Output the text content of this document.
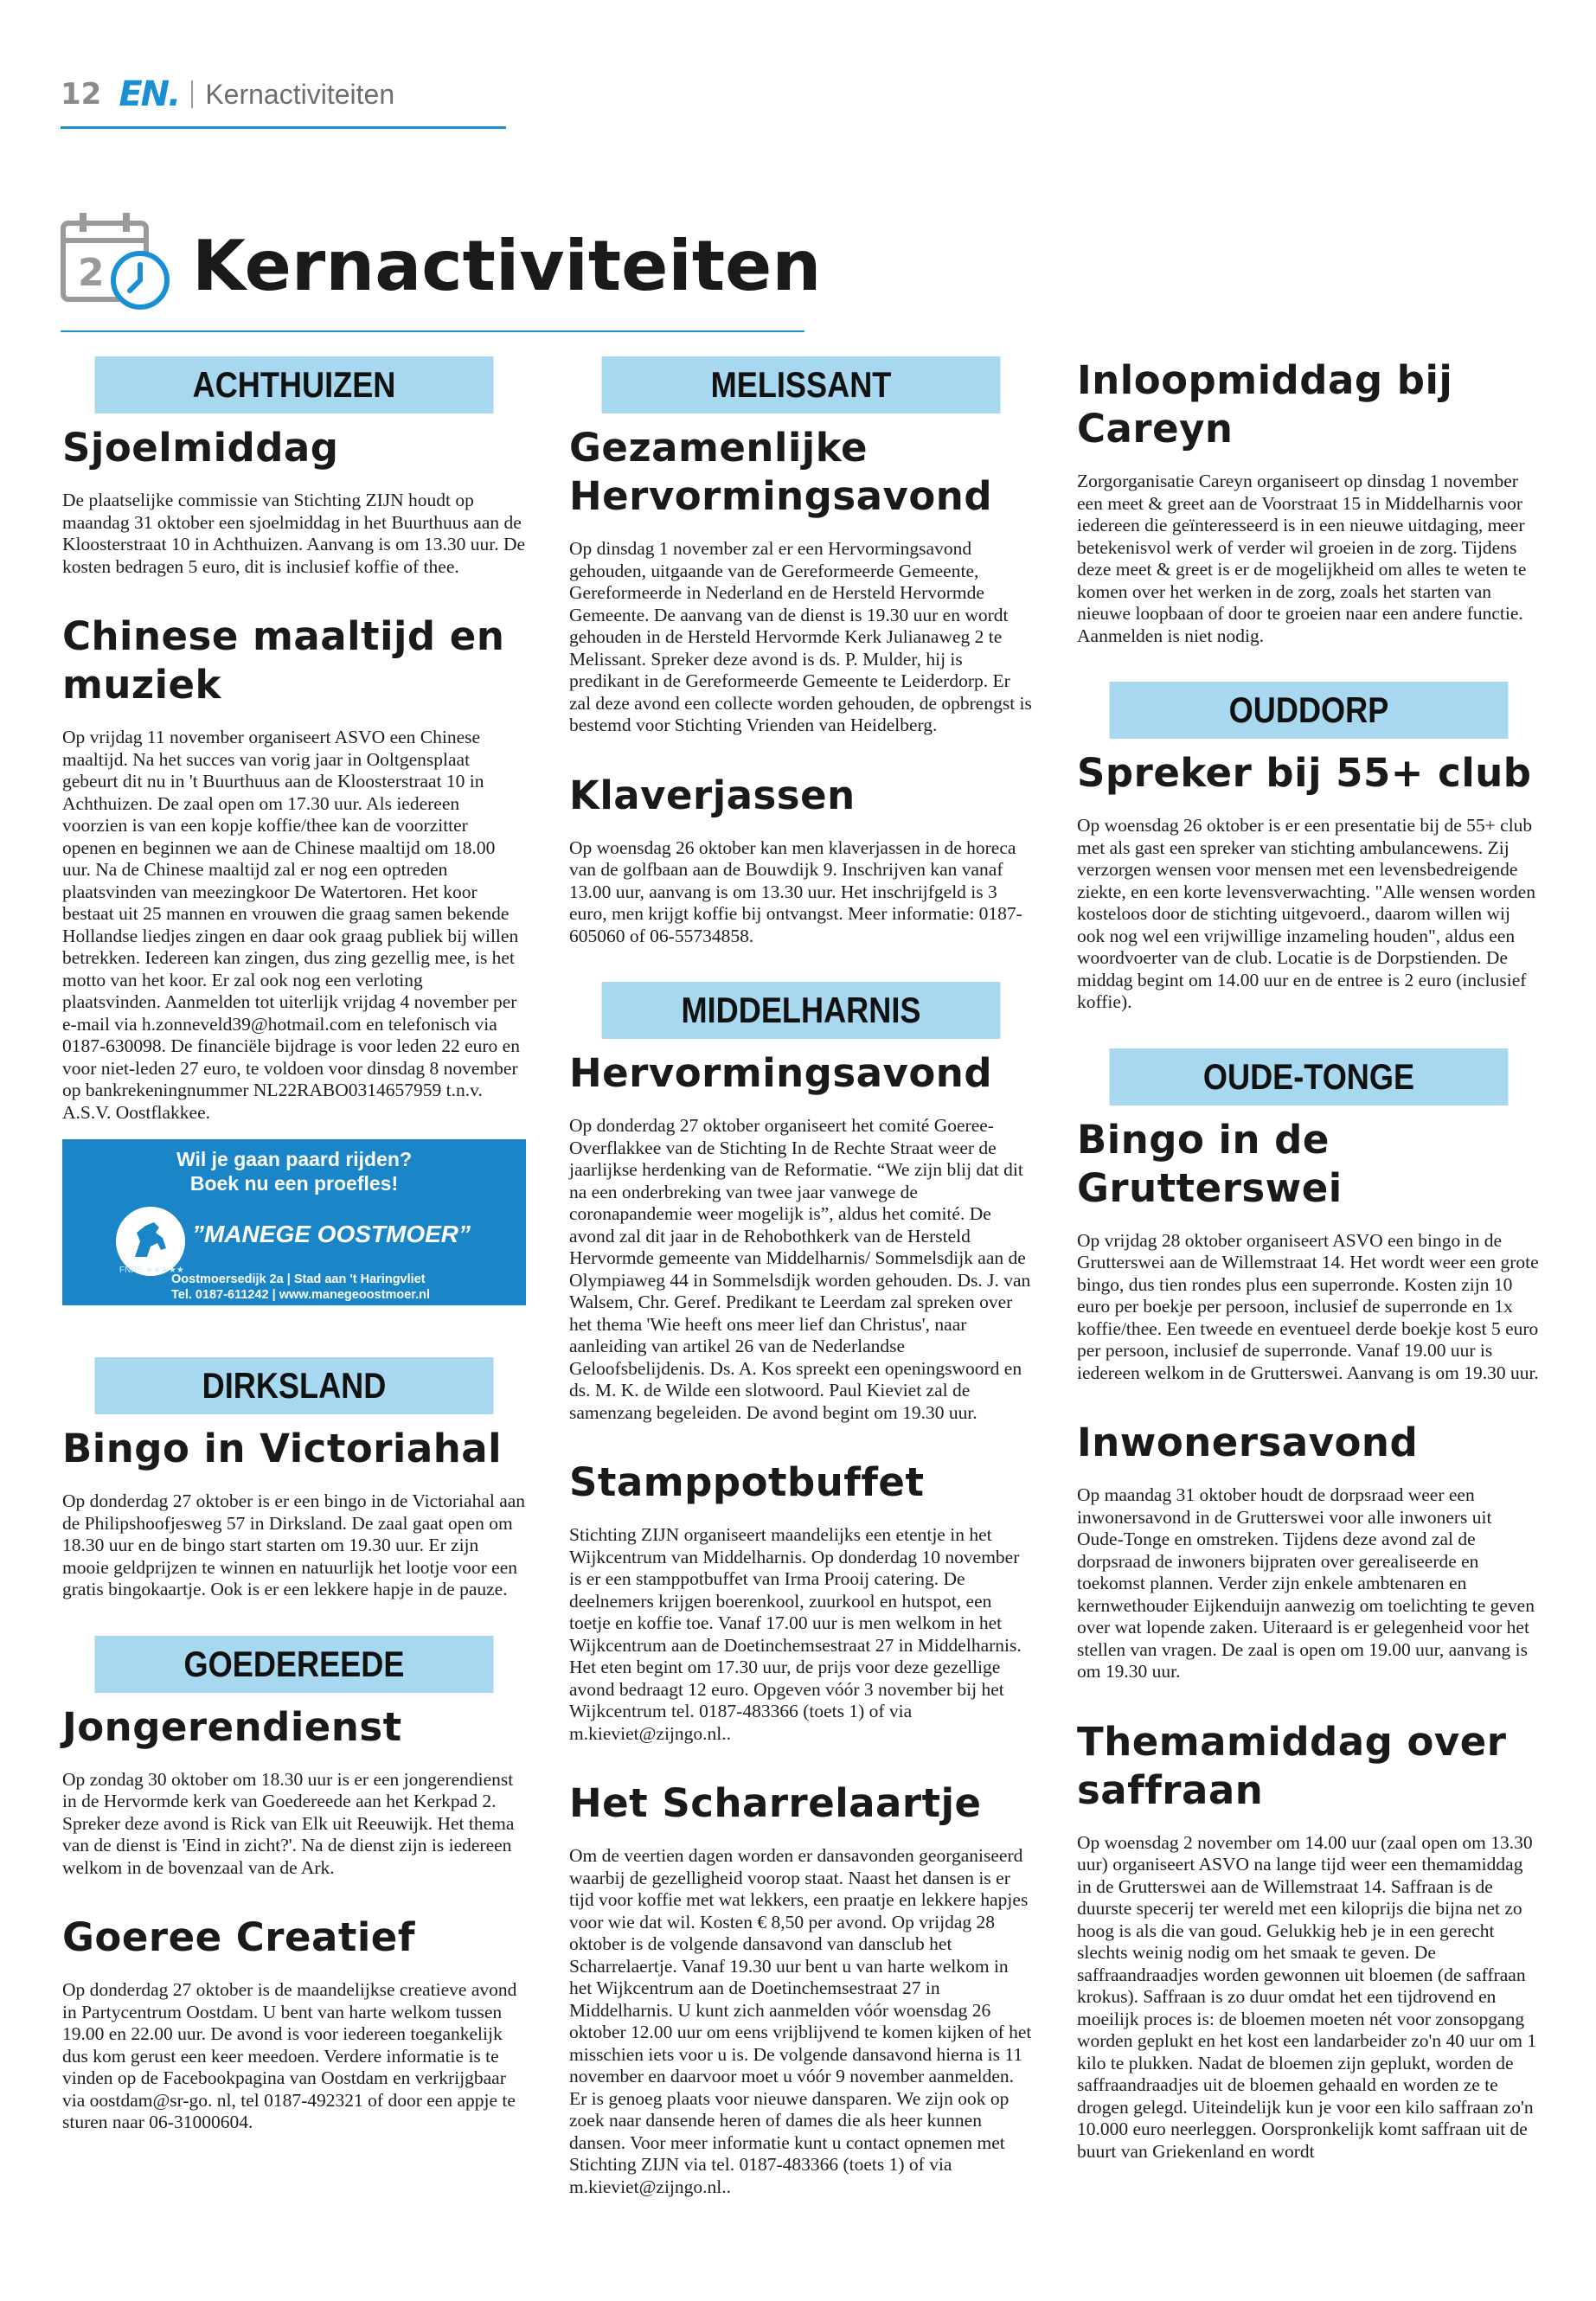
12 EN. Kernactiviteiten
2 Kernactiviteiten
ACHTHUIZEN
Sjoelmiddag

De plaatselijke commissie van Stichting ZIJN houdt op maandag 31 oktober een sjoelmiddag in het Buurthuus aan de Kloosterstraat 10 in Achthuizen. Aanvang is om 13.30 uur. De kosten bedragen 5 euro, dit is inclusief koffie of thee.

Chinese maaltijd en muziek

Op vrijdag 11 november organiseert ASVO een Chinese maaltijd. Na het succes van vorig jaar in Ooltgensplaat gebeurt dit nu in 't Buurthuus aan de Kloosterstraat 10 in Achthuizen. De zaal open om 17.30 uur. Als iedereen voorzien is van een kopje koffie/thee kan de voorzitter openen en beginnen we aan de Chinese maaltijd om 18.00 uur. Na de Chinese maaltijd zal er nog een optreden plaatsvinden van meezingkoor De Watertoren. Het koor bestaat uit 25 mannen en vrouwen die graag samen bekende Hollandse liedjes zingen en daar ook graag publiek bij willen betrekken. Iedereen kan zingen, dus zing gezellig mee, is het motto van het koor. Er zal ook nog een verloting plaatsvinden. Aanmelden tot uiterlijk vrijdag 4 november per e-mail via h.zonneveld39@hotmail.com en telefonisch via 0187-630098. De financiële bijdrage is voor leden 22 euro en voor niet-leden 27 euro, te voldoen voor dinsdag 8 november op bankrekeningnummer NL22RABO0314657959 t.n.v. A.S.V. Oostflakkee.

Wil je gaan paard rijden?
Boek nu een proefles!
”MANEGE OOSTMOER”
FNRS ★★★★★
Oostmoersedijk 2a | Stad aan 't Haringvliet
Tel. 0187-611242 | www.manegeoostmoer.nl
DIRKSLAND
Bingo in Victoriahal

Op donderdag 27 oktober is er een bingo in de Victoriahal aan de Philipshoofjesweg 57 in Dirksland. De zaal gaat open om 18.30 uur en de bingo start starten om 19.30 uur. Er zijn mooie geldprijzen te winnen en natuurlijk het lootje voor een gratis bingokaartje. Ook is er een lekkere hapje in de pauze.

GOEDEREEDE
Jongerendienst

Op zondag 30 oktober om 18.30 uur is er een jongerendienst in de Hervormde kerk van Goedereede aan het Kerkpad 2. Spreker deze avond is Rick van Elk uit Reeuwijk. Het thema van de dienst is 'Eind in zicht?'. Na de dienst zijn is iedereen welkom in de bovenzaal van de Ark.

Goeree Creatief

Op donderdag 27 oktober is de maandelijkse creatieve avond in Partycentrum Oostdam. U bent van harte welkom tussen 19.00 en 22.00 uur. De avond is voor iedereen toegankelijk dus kom gerust een keer meedoen. Verdere informatie is te vinden op de Facebookpagina van Oostdam en verkrijgbaar via oostdam@sr-go. nl, tel 0187-492321 of door een appje te sturen naar 06-31000604.

MELISSANT
Gezamenlijke Hervormingsavond

Op dinsdag 1 november zal er een Hervormingsavond gehouden, uitgaande van de Gereformeerde Gemeente, Gereformeerde in Nederland en de Hersteld Hervormde Gemeente. De aanvang van de dienst is 19.30 uur en wordt gehouden in de Hersteld Hervormde Kerk Julianaweg 2 te Melissant. Spreker deze avond is ds. P. Mulder, hij is predikant in de Gereformeerde Gemeente te Leiderdorp. Er zal deze avond een collecte worden gehouden, de opbrengst is bestemd voor Stichting Vrienden van Heidelberg.

Klaverjassen

Op woensdag 26 oktober kan men klaverjassen in de horeca van de golfbaan aan de Bouwdijk 9. Inschrijven kan vanaf 13.00 uur, aanvang is om 13.30 uur. Het inschrijfgeld is 3 euro, men krijgt koffie bij ontvangst. Meer informatie: 0187-605060 of 06-55734858.

MIDDELHARNIS
Hervormingsavond

Op donderdag 27 oktober organiseert het comité Goeree-Overflakkee van de Stichting In de Rechte Straat weer de jaarlijkse herdenking van de Reformatie. “We zijn blij dat dit na een onderbreking van twee jaar vanwege de coronapandemie weer mogelijk is”, aldus het comité. De avond zal dit jaar in de Rehobothkerk van de Hersteld Hervormde gemeente van Middelharnis/ Sommelsdijk aan de Olympiaweg 44 in Sommelsdijk worden gehouden. Ds. J. van Walsem, Chr. Geref. Predikant te Leerdam zal spreken over het thema 'Wie heeft ons meer lief dan Christus', naar aanleiding van artikel 26 van de Nederlandse Geloofsbelijdenis. Ds. A. Kos spreekt een openingswoord en ds. M. K. de Wilde een slotwoord. Paul Kieviet zal de samenzang begeleiden. De avond begint om 19.30 uur.

Stamppotbuffet

Stichting ZIJN organiseert maandelijks een etentje in het Wijkcentrum van Middelharnis. Op donderdag 10 november is er een stamppotbuffet van Irma Prooij catering. De deelnemers krijgen boerenkool, zuurkool en hutspot, een toetje en koffie toe. Vanaf 17.00 uur is men welkom in het Wijkcentrum aan de Doetinchemsestraat 27 in Middelharnis. Het eten begint om 17.30 uur, de prijs voor deze gezellige avond bedraagt 12 euro. Opgeven vóór 3 november bij het Wijkcentrum tel. 0187-483366 (toets 1) of via m.kieviet@zijngo.nl..

Het Scharrelaartje

Om de veertien dagen worden er dansavonden georganiseerd waarbij de gezelligheid voorop staat. Naast het dansen is er tijd voor koffie met wat lekkers, een praatje en lekkere hapjes voor wie dat wil. Kosten € 8,50 per avond. Op vrijdag 28 oktober is de volgende dansavond van dansclub het Scharrelaertje. Vanaf 19.30 uur bent u van harte welkom in het Wijkcentrum aan de Doetinchemsestraat 27 in Middelharnis. U kunt zich aanmelden vóór woensdag 26 oktober 12.00 uur om eens vrijblijvend te komen kijken of het misschien iets voor u is. De volgende dansavond hierna is 11 november en daarvoor moet u vóór 9 november aanmelden. Er is genoeg plaats voor nieuwe dansparen. We zijn ook op zoek naar dansende heren of dames die als heer kunnen dansen. Voor meer informatie kunt u contact opnemen met Stichting ZIJN via tel. 0187-483366 (toets 1) of via m.kieviet@zijngo.nl..

Inloopmiddag bij Careyn

Zorgorganisatie Careyn organiseert op dinsdag 1 november een meet & greet aan de Voorstraat 15 in Middelharnis voor iedereen die geïnteresseerd is in een nieuwe uitdaging, meer betekenisvol werk of verder wil groeien in de zorg. Tijdens deze meet & greet is er de mogelijkheid om alles te weten te komen over het werken in de zorg, zoals het starten van nieuwe loopbaan of door te groeien naar een andere functie. Aanmelden is niet nodig.

OUDDORP
Spreker bij 55+ club

Op woensdag 26 oktober is er een presentatie bij de 55+ club met als gast een spreker van stichting ambulancewens. Zij verzorgen wensen voor mensen met een levensbedreigende ziekte, en een korte levensverwachting. "Alle wensen worden kosteloos door de stichting uitgevoerd., daarom willen wij ook nog wel een vrijwillige inzameling houden", aldus een woordvoerter van de club. Locatie is de Dorpstienden. De middag begint om 14.00 uur en de entree is 2 euro (inclusief koffie).

OUDE-TONGE
Bingo in de Grutterswei

Op vrijdag 28 oktober organiseert ASVO een bingo in de Grutterswei aan de Willemstraat 14. Het wordt weer een grote bingo, dus tien rondes plus een superronde. Kosten zijn 10 euro per boekje per persoon, inclusief de superronde en 1x koffie/thee. Een tweede en eventueel derde boekje kost 5 euro per persoon, inclusief de superronde. Vanaf 19.00 uur is iedereen welkom in de Grutterswei. Aanvang is om 19.30 uur.

Inwonersavond

Op maandag 31 oktober houdt de dorpsraad weer een inwonersavond in de Grutterswei voor alle inwoners uit Oude-Tonge en omstreken. Tijdens deze avond zal de dorpsraad de inwoners bijpraten over gerealiseerde en toekomst plannen. Verder zijn enkele ambtenaren en kernwethouder Eijkenduijn aanwezig om toelichting te geven over wat lopende zaken. Uiteraard is er gelegenheid voor het stellen van vragen. De zaal is open om 19.00 uur, aanvang is om 19.30 uur.

Themamiddag over saffraan

Op woensdag 2 november om 14.00 uur (zaal open om 13.30 uur) organiseert ASVO na lange tijd weer een themamiddag in de Grutterswei aan de Willemstraat 14. Saffraan is de duurste specerij ter wereld met een kiloprijs die bijna net zo hoog is als die van goud. Gelukkig heb je in een gerecht slechts weinig nodig om het smaak te geven. De saffraandraadjes worden gewonnen uit bloemen (de saffraan krokus). Saffraan is zo duur omdat het een tijdrovend en moeilijk proces is: de bloemen moeten nét voor zonsopgang worden geplukt en het kost een landarbeider zo'n 40 uur om 1 kilo te plukken. Nadat de bloemen zijn geplukt, worden de saffraandraadjes uit de bloemen gehaald en worden ze te drogen gelegd. Uiteindelijk kun je voor een kilo saffraan zo'n 10.000 euro neerleggen. Oorspronkelijk komt saffraan uit de buurt van Griekenland en wordt
